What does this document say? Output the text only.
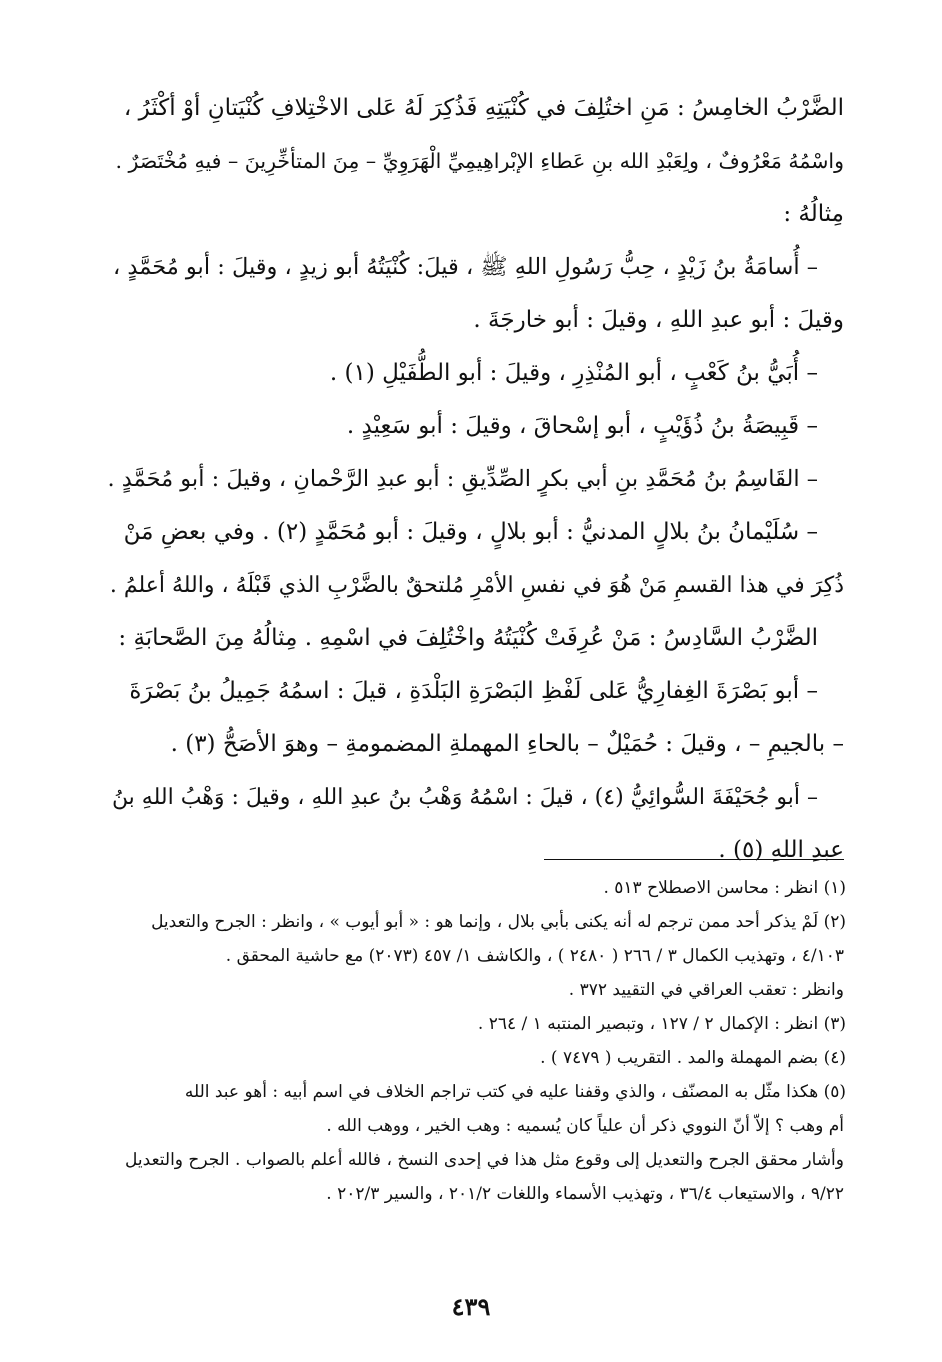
الضَّرْبُ الخامِسُ : مَنِ اختُلِفَ في كُنْيَتِهِ فَذُكِرَ لَهُ عَلى الاخْتِلافِ كُنْيَتانِ أوْ أكْثَرُ ،
واسْمُهُ مَعْرُوفٌ ، ولِعَبْدِ الله بنِ عَطاءِ الإبْراهِيمِيِّ الْهَرَوِيِّ – مِنَ المتأخِّرِينَ – فيهِ مُخْتَصَرٌ .
مِثالُهُ :
– أُسامَةُ بنُ زَيْدٍ ، حِبُّ رَسُولِ اللهِ ﷺ ، قيلَ: كُنْيَتُهُ أبو زيدٍ ، وقيلَ : أبو مُحَمَّدٍ ،
وقيلَ : أبو عبدِ اللهِ ، وقيلَ : أبو خارجَةَ .
– أُبَيُّ بنُ كَعْبٍ ، أبو المُنْذِرِ ، وقيلَ : أبو الطُّفَيْلِ (١) .
– قَبِيصَةُ بنُ ذُؤَيْبٍ ، أبو إسْحاقَ ، وقيلَ : أبو سَعِيْدٍ .
– القَاسِمُ بنُ مُحَمَّدِ بنِ أبي بكرٍ الصِّدِّيقِ : أبو عبدِ الرَّحْمانِ ، وقيلَ : أبو مُحَمَّدٍ .
– سُلَيْمانُ بنُ بلالٍ المدنيُّ : أبو بلالٍ ، وقيلَ : أبو مُحَمَّدٍ (٢) . وفي بعضِ مَنْ
ذُكِرَ في هذا القسمِ مَنْ هُوَ في نفسِ الأمْرِ مُلتحقٌ بالضَّرْبِ الذي قَبْلَهُ ، واللهُ أعلمُ .
الضَّرْبُ السَّادِسُ : مَنْ عُرِفَتْ كُنْيَتُهُ واخْتُلِفَ في اسْمِهِ . مِثالُهُ مِنَ الصَّحابَةِ :
– أبو بَصْرَةَ الغِفارِيُّ عَلى لَفْظِ البَصْرَةِ البَلْدَةِ ، قيلَ : اسمُهُ جَمِيلُ بنُ بَصْرَةَ
– بالجيمِ – ، وقيلَ : حُمَيْلٌ – بالحاءِ المهملةِ المضمومةِ – وهوَ الأصَحُّ (٣) .
– أبو جُحَيْفَةَ السُّوائِيُّ (٤) ، قيلَ : اسْمُهُ وَهْبُ بنُ عبدِ اللهِ ، وقيلَ : وَهْبُ اللهِ بنُ
عبدِ اللهِ (٥) .
(١) انظر : محاسن الاصطلاح ٥١٣ .
(٢) لَمْ يذكر أحد ممن ترجم له أنه يكنى بأبي بلال ، وإنما هو : « أبو أيوب » ، وانظر : الجرح والتعديل
٤/١٠٣ ، وتهذيب الكمال ٣ / ٢٦٦ ( ٢٤٨٠ ) ، والكاشف ١/ ٤٥٧ (٢٠٧٣) مع حاشية المحقق .
وانظر : تعقب العراقي في التقييد ٣٧٢ .
(٣) انظر : الإكمال ٢ / ١٢٧ ، وتبصير المنتبه ١ / ٢٦٤ .
(٤) بضم المهملة والمد . التقريب ( ٧٤٧٩ ) .
(٥) هكذا مثّل به المصنّف ، والذي وقفنا عليه في كتب تراجم الخلاف في اسم أبيه : أهو عبد الله
أم وهب ؟ إلاّ أنّ النووي ذكر أن علياً كان يُسميه : وهب الخير ، ووهب الله .
وأشار محقق الجرح والتعديل إلى وقوع مثل هذا في إحدى النسخ ، فالله أعلم بالصواب . الجرح والتعديل
٩/٢٢ ، والاستيعاب ٣٦/٤ ، وتهذيب الأسماء واللغات ٢٠١/٢ ، والسير ٢٠٢/٣ .
٤٣٩
